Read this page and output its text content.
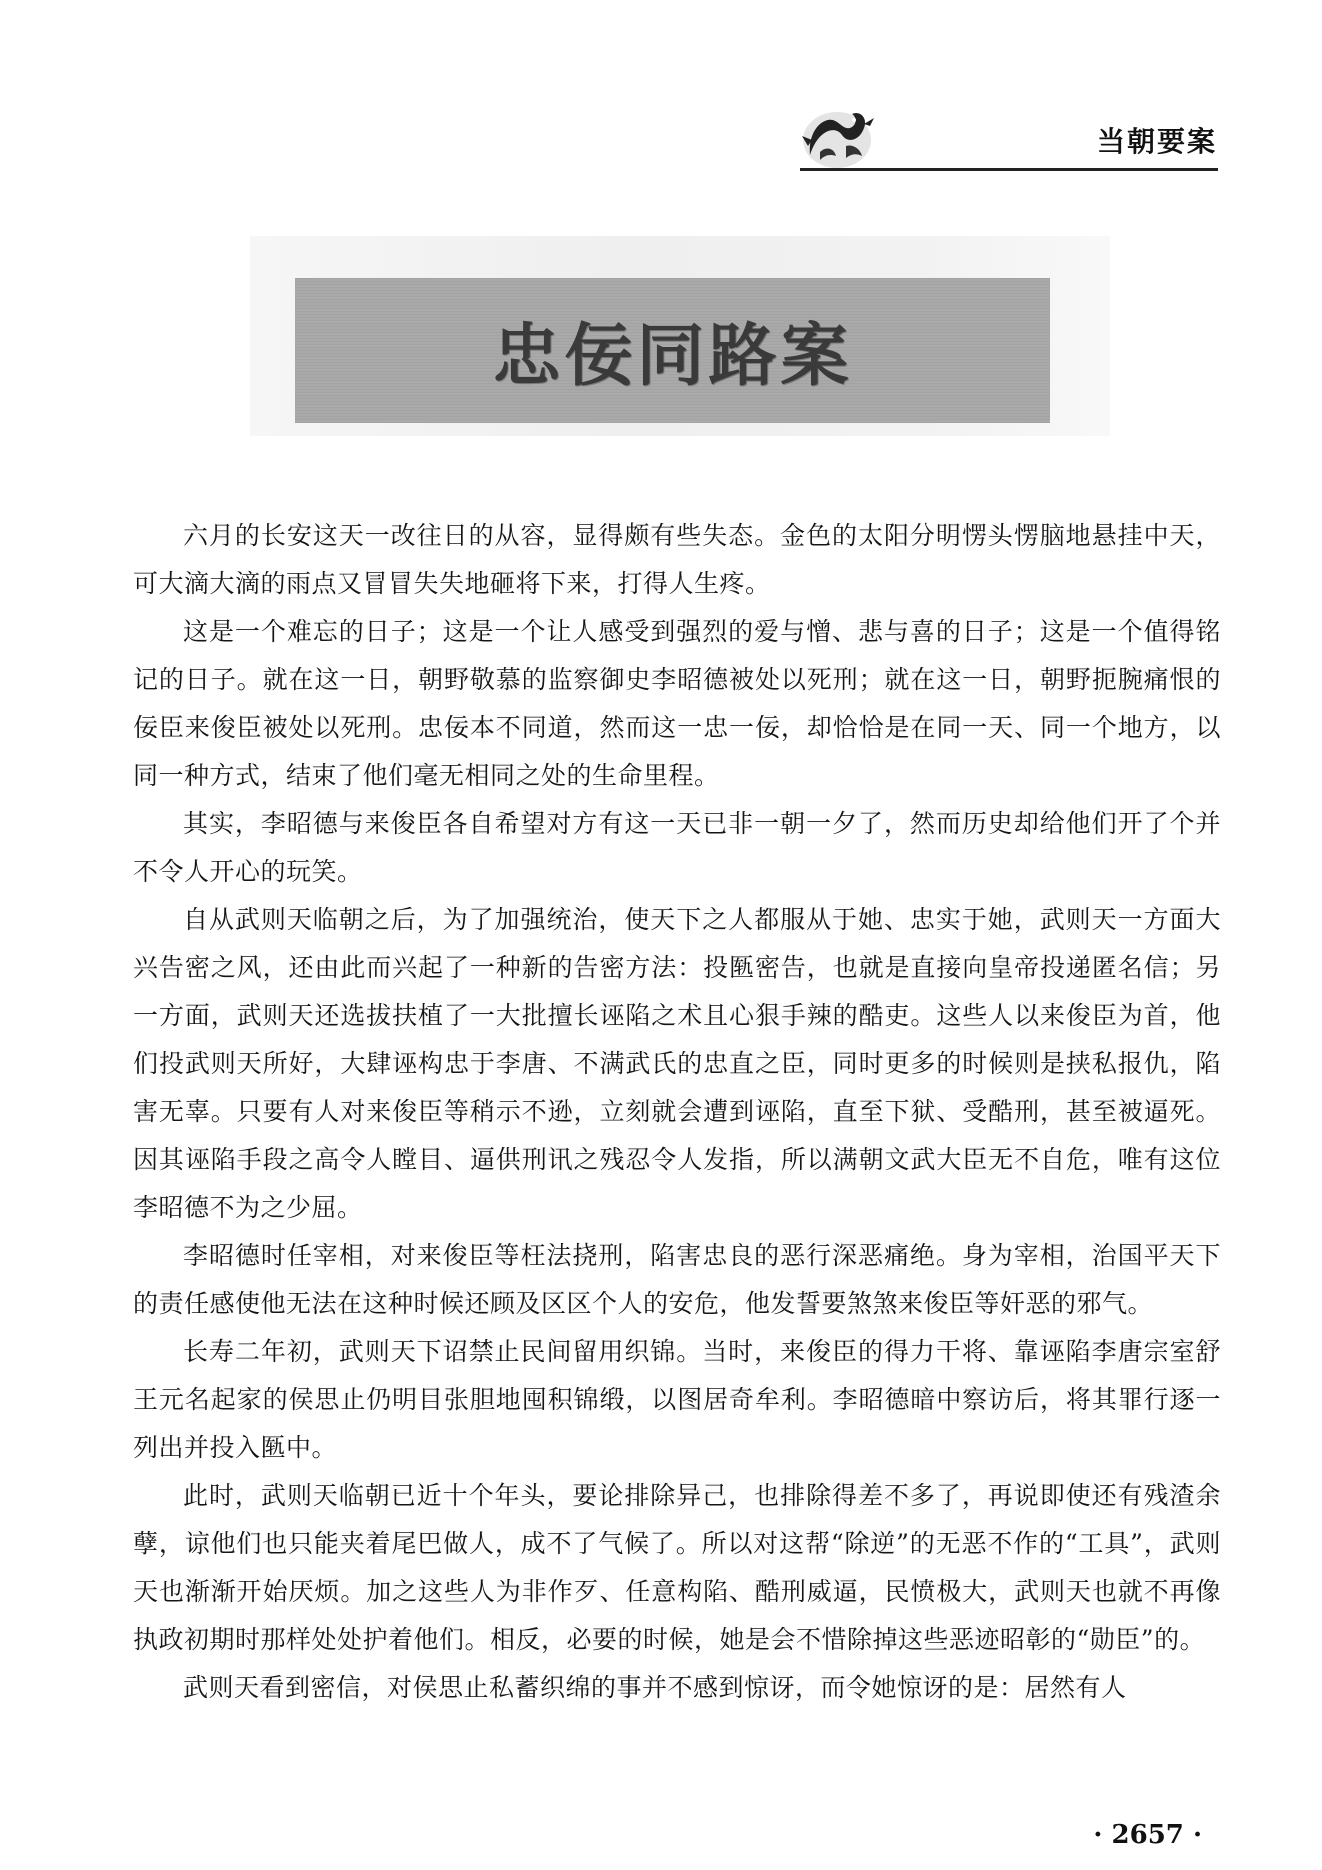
当朝要案
忠佞同路案

六月的长安这天一改往日的从容，显得颇有些失态。金色的太阳分明愣头愣脑地悬挂中天，可大滴大滴的雨点又冒冒失失地砸将下来，打得人生疼。

这是一个难忘的日子；这是一个让人感受到强烈的爱与憎、悲与喜的日子；这是一个值得铭记的日子。就在这一日，朝野敬慕的监察御史李昭德被处以死刑；就在这一日，朝野扼腕痛恨的佞臣来俊臣被处以死刑。忠佞本不同道，然而这一忠一佞，却恰恰是在同一天、同一个地方，以同一种方式，结束了他们毫无相同之处的生命里程。

其实，李昭德与来俊臣各自希望对方有这一天已非一朝一夕了，然而历史却给他们开了个并不令人开心的玩笑。

自从武则天临朝之后，为了加强统治，使天下之人都服从于她、忠实于她，武则天一方面大兴告密之风，还由此而兴起了一种新的告密方法：投匦密告，也就是直接向皇帝投递匿名信；另一方面，武则天还选拔扶植了一大批擅长诬陷之术且心狠手辣的酷吏。这些人以来俊臣为首，他们投武则天所好，大肆诬构忠于李唐、不满武氏的忠直之臣，同时更多的时候则是挟私报仇，陷害无辜。只要有人对来俊臣等稍示不逊，立刻就会遭到诬陷，直至下狱、受酷刑，甚至被逼死。因其诬陷手段之高令人瞠目、逼供刑讯之残忍令人发指，所以满朝文武大臣无不自危，唯有这位李昭德不为之少屈。

李昭德时任宰相，对来俊臣等枉法挠刑，陷害忠良的恶行深恶痛绝。身为宰相，治国平天下的责任感使他无法在这种时候还顾及区区个人的安危，他发誓要煞煞来俊臣等奸恶的邪气。

长寿二年初，武则天下诏禁止民间留用织锦。当时，来俊臣的得力干将、靠诬陷李唐宗室舒王元名起家的侯思止仍明目张胆地囤积锦缎，以图居奇牟利。李昭德暗中察访后，将其罪行逐一列出并投入匦中。

此时，武则天临朝已近十个年头，要论排除异己，也排除得差不多了，再说即使还有残渣余孽，谅他们也只能夹着尾巴做人，成不了气候了。所以对这帮“除逆”的无恶不作的“工具”，武则天也渐渐开始厌烦。加之这些人为非作歹、任意构陷、酷刑威逼，民愤极大，武则天也就不再像执政初期时那样处处护着他们。相反，必要的时候，她是会不惜除掉这些恶迹昭彰的“勋臣”的。

武则天看到密信，对侯思止私蓄织绵的事并不感到惊讶，而令她惊讶的是：居然有人

· 2657 ·
